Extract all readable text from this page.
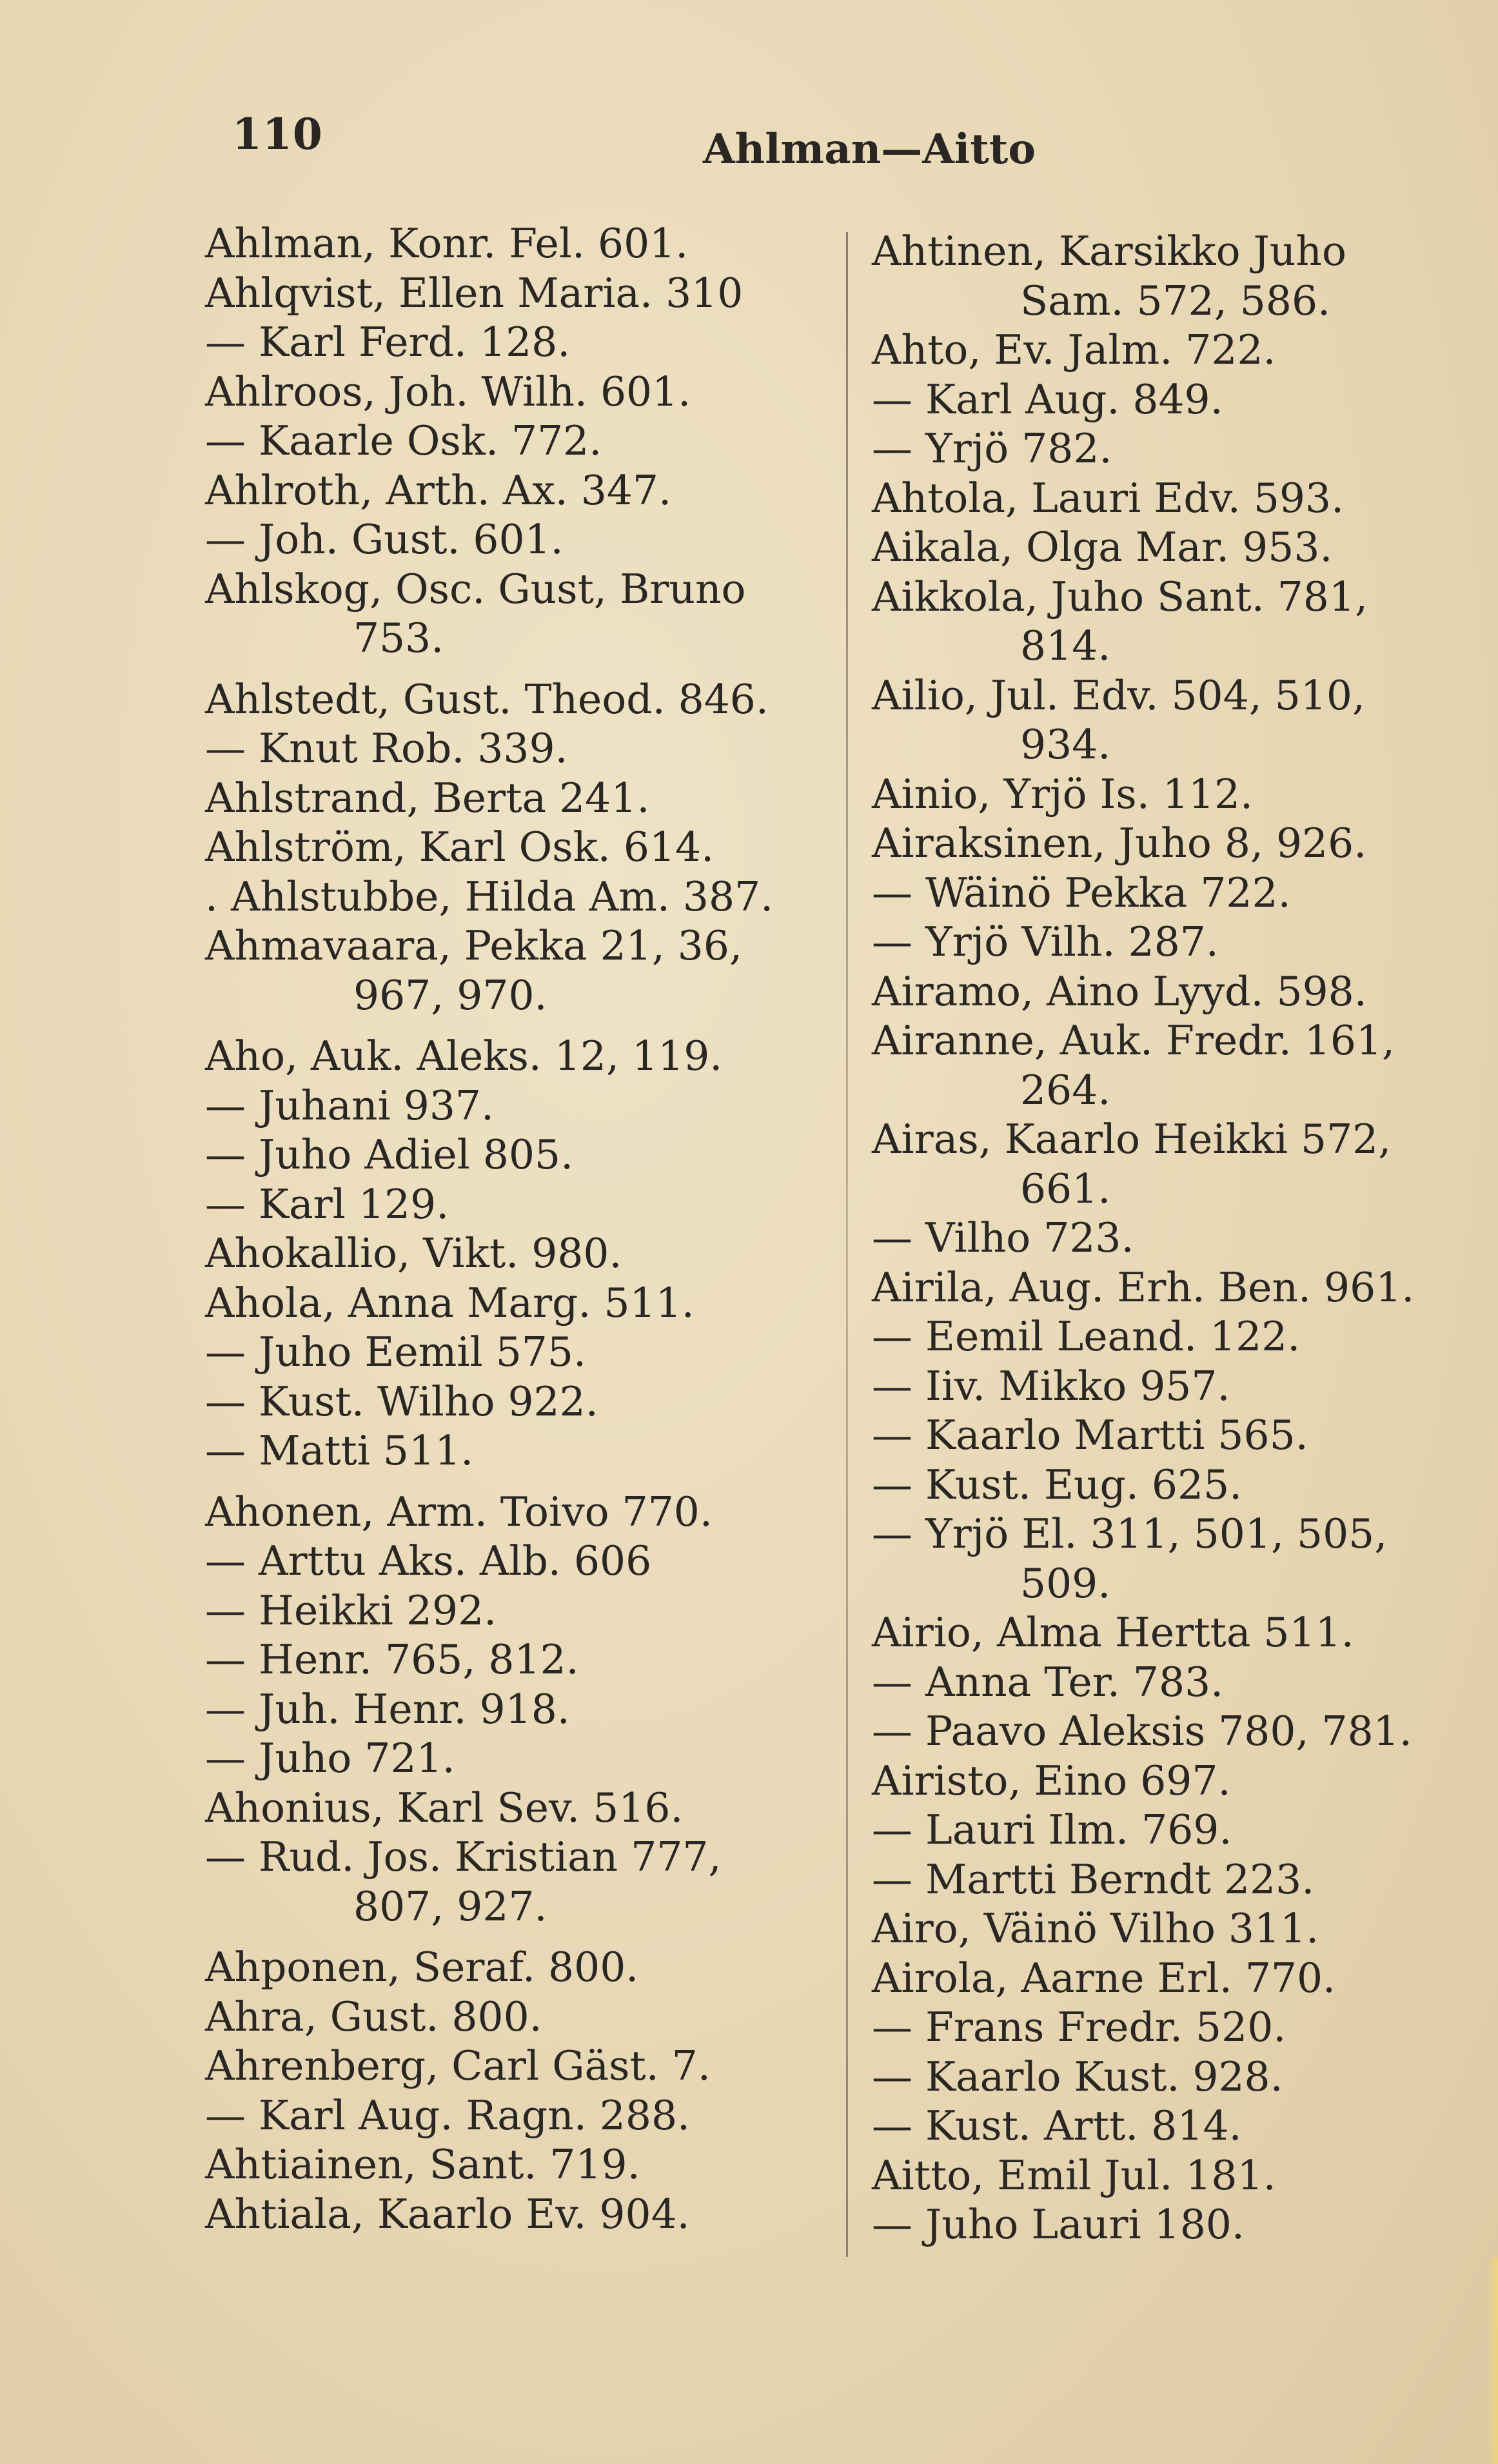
110	Ahlman—Aitto
Ahlman, Konr. Fel. 601.
Ahlqvist, Ellen Maria. 310
— Karl Ferd. 128.
Ahlroos, Joh. Wilh. 601.
— Kaarle Osk. 772.
Ahlroth, Arth. Ax. 347.
— Joh. Gust. 601.
Ahlskog, Osc. Gust, Bruno
753.
Ahlstedt, Gust. Theod. 846.
— Knut Rob. 339.
Ahlstrand, Berta 241.
Ahlström, Karl Osk. 614.
. Ahlstubbe, Hilda Am. 387.
Ahmavaara, Pekka 21, 36,
967, 970.
Aho, Auk. Aleks. 12, 119.
— Juhani 937.
— Juho Adiel 805.
— Karl 129.
Ahokallio, Vikt. 980.
Ahola, Anna Marg. 511.
— Juho Eemil 575.
— Kust. Wilho 922.
— Matti 511.
Ahonen, Arm. Toivo 770.
— Arttu Aks. Alb. 606
— Heikki 292.
— Henr. 765, 812.
— Juh. Henr. 918.
— Juho 721.
Ahonius, Karl Sev. 516.
— Rud. Jos. Kristian 777,
807, 927.
Ahponen, Seraf. 800.
Ahra, Gust. 800.
Ahrenberg, Carl Gäst. 7.
— Karl Aug. Ragn. 288.
Ahtiainen, Sant. 719.
Ahtiala, Kaarlo Ev. 904.
Ahtinen, Karsikko Juho
Sam. 572, 586.
Ahto, Ev. Jalm. 722.
— Karl Aug. 849.
— Yrjö 782.
Ahtola, Lauri Edv. 593.
Aikala, Olga Mar. 953.
Aikkola, Juho Sant. 781,
814.
Ailio, Jul. Edv. 504, 510,
934.
Ainio, Yrjö Is. 112.
Airaksinen, Juho 8, 926.
— Wäinö Pekka 722.
— Yrjö Vilh. 287.
Airamo, Aino Lyyd. 598.
Airanne, Auk. Fredr. 161,
264.
Airas, Kaarlo Heikki 572,
661.
— Vilho 723.
Airila, Aug. Erh. Ben. 961.
— Eemil Leand. 122.
— Iiv. Mikko 957.
— Kaarlo Martti 565.
— Kust. Eug. 625.
— Yrjö El. 311, 501, 505,
509.
Airio, Alma Hertta 511.
— Anna Ter. 783.
— Paavo Aleksis 780, 781.
Airisto, Eino 697.
— Lauri Ilm. 769.
— Martti Berndt 223.
Airo, Väinö Vilho 311.
Airola, Aarne Erl. 770.
— Frans Fredr. 520.
— Kaarlo Kust. 928.
— Kust. Artt. 814.
Aitto, Emil Jul. 181.
— Juho Lauri 180.
